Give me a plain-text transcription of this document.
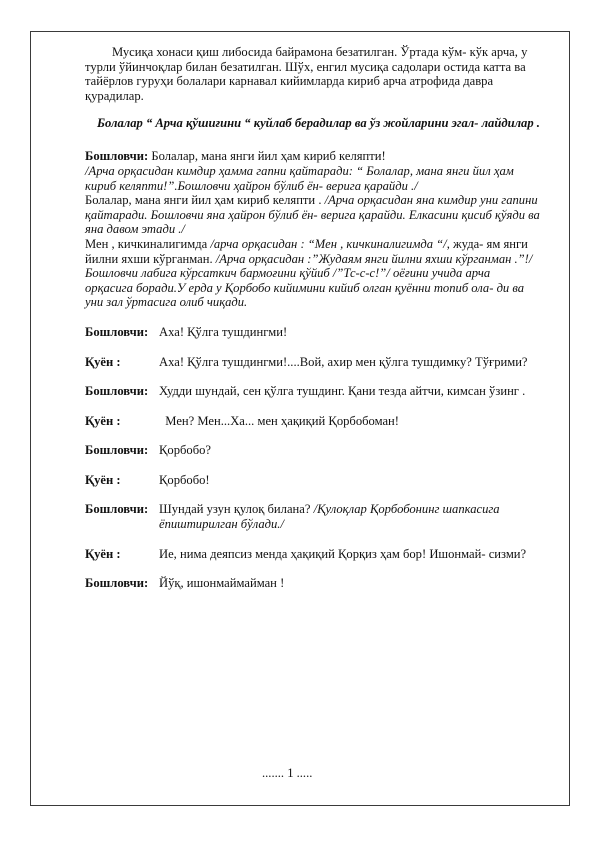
Мусиқа хонаси қиш либосида байрамона безатилган. Ўртада кўм- кўк арча, у турли ўйинчоқлар билан безатилган. Шўх, енгил мусиқа садолари остида катта ва тайёрлов гуруҳи болалари карнавал кийимларда кириб арча атрофида давра қурадилар.

Болалар “ Арча қўшиғини “ куйлаб берадилар ва ўз жойларини эгал- лайдилар .

Бошловчи: Болалар, мана янги йил ҳам кириб келяпти!
/Арча орқасидан кимдир ҳамма гапни қайтаради: “ Болалар, мана янги йил ҳам кириб келяпти!”.Бошловчи ҳайрон бўлиб ён- верига қарайди ./
Болалар, мана янги йил ҳам кириб келяпти . /Арча орқасидан яна кимдир уни гапини қайтаради. Бошловчи яна ҳайрон бўлиб ён- верига қарайди. Елкасини қисиб қўяди ва яна давом этади ./
Мен , кичкиналигимда /арча орқасидан : “Мен , кичкиналигимда “/, жуда- ям янги йилни яхши кўрганман. /Арча орқасидан :”Жудаям янги йилни яхши кўрганман .”!/
Бошловчи лабига кўрсаткич бармоғини қўйиб /”Тс-с-с!”/ оёғини учида арча орқасига боради.У ерда у Қорбобо кийимини кийиб олган қуённи топиб ола- ди ва уни зал ўртасига олиб чиқади.

Бошловчи: Аха! Қўлга тушдингми!
Қуён :	Аха! Қўлга тушдингми!....Вой, ахир мен қўлга тушдимку? Тўғрими?
Бошловчи: Худди шундай, сен қўлга тушдинг. Қани тезда айтчи, кимсан ўзинг .
Қуён :	Мен? Мен...Ха... мен ҳақиқий Қорбобоман!
Бошловчи: Қорбобо?
Қуён :	Қорбобо!
Бошловчи: Шундай узун қулоқ билана? /Қулоқлар Қорбобонинг шапкасига ёпиштирилган бўлади./
Қуён :	Ие, нима деяпсиз менда ҳақиқий Қорқиз ҳам бор! Ишонмай- сизми?
Бошловчи: Йўқ, ишонмаймайман !
....... 1 .....
